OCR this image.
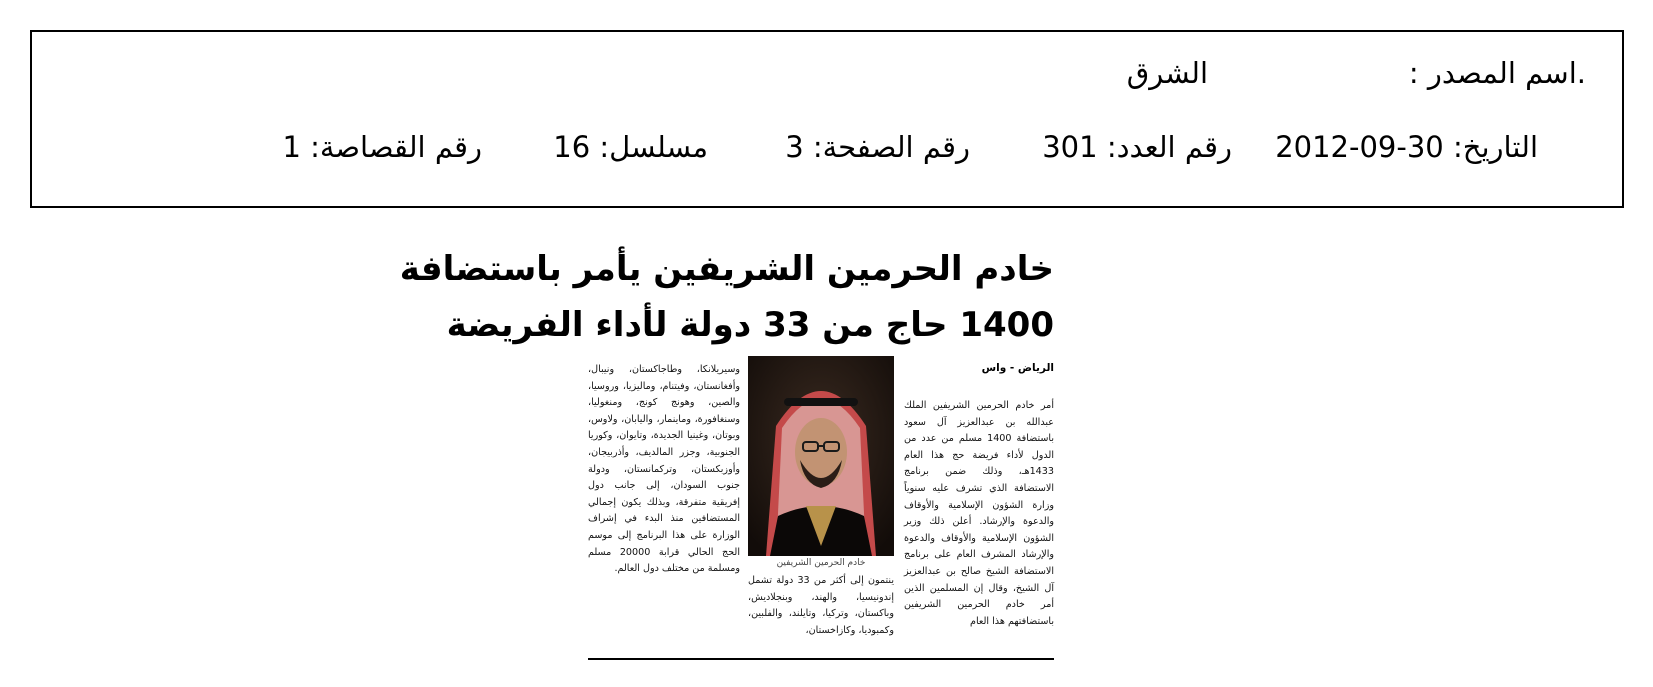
.اسم المصدر :
الشرق
التاريخ: 2012-09-30
رقم العدد: 301
رقم الصفحة: 3
مسلسل: 16
رقم القصاصة: 1
خادم الحرمين الشريفين يأمر باستضافة
1400 حاج من 33 دولة لأداء الفريضة
الرياض - واس
أمر خادم الحرمين الشريفين الملك عبدالله بن عبدالعزيز آل سعود باستضافة 1400 مسلم من عدد من الدول لأداء فريضة حج هذا العام 1433هـ، وذلك ضمن برنامج الاستضافة الذي تشرف عليه سنوياً وزارة الشؤون الإسلامية والأوقاف والدعوة والإرشاد. أعلن ذلك وزير الشؤون الإسلامية والأوقاف والدعوة والإرشاد المشرف العام على برنامج الاستضافة الشيخ صالح بن عبدالعزيز آل الشيخ، وقال إن المسلمين الذين أمر خادم الحرمين الشريفين باستضافتهم هذا العام
خادم الحرمين الشريفين
ينتمون إلى أكثر من 33 دولة تشمل إندونيسيا، والهند، وبنجلاديش، وباكستان، وتركيا، وتايلند، والفلبين، وكمبوديا، وكازاخستان،
وسيريلانكا، وطاجاكستان، ونيبال، وأفغانستان، وفيتنام، وماليزيا، وروسيا، والصين، وهونج كونج، ومنغوليا، وسنغافورة، وماينمار، واليابان، ولاوس، وبوتان، وغينيا الجديدة، وتايوان، وكوريا الجنوبية، وجزر المالديف، وأذربيجان، وأوزبكستان، وتركمانستان، ودولة جنوب السودان، إلى جانب دول إفريقية متفرقة، وبذلك يكون إجمالي المستضافين منذ البدء في إشراف الوزارة على هذا البرنامج إلى موسم الحج الحالي قرابة 20000 مسلم ومسلمة من مختلف دول العالم.
